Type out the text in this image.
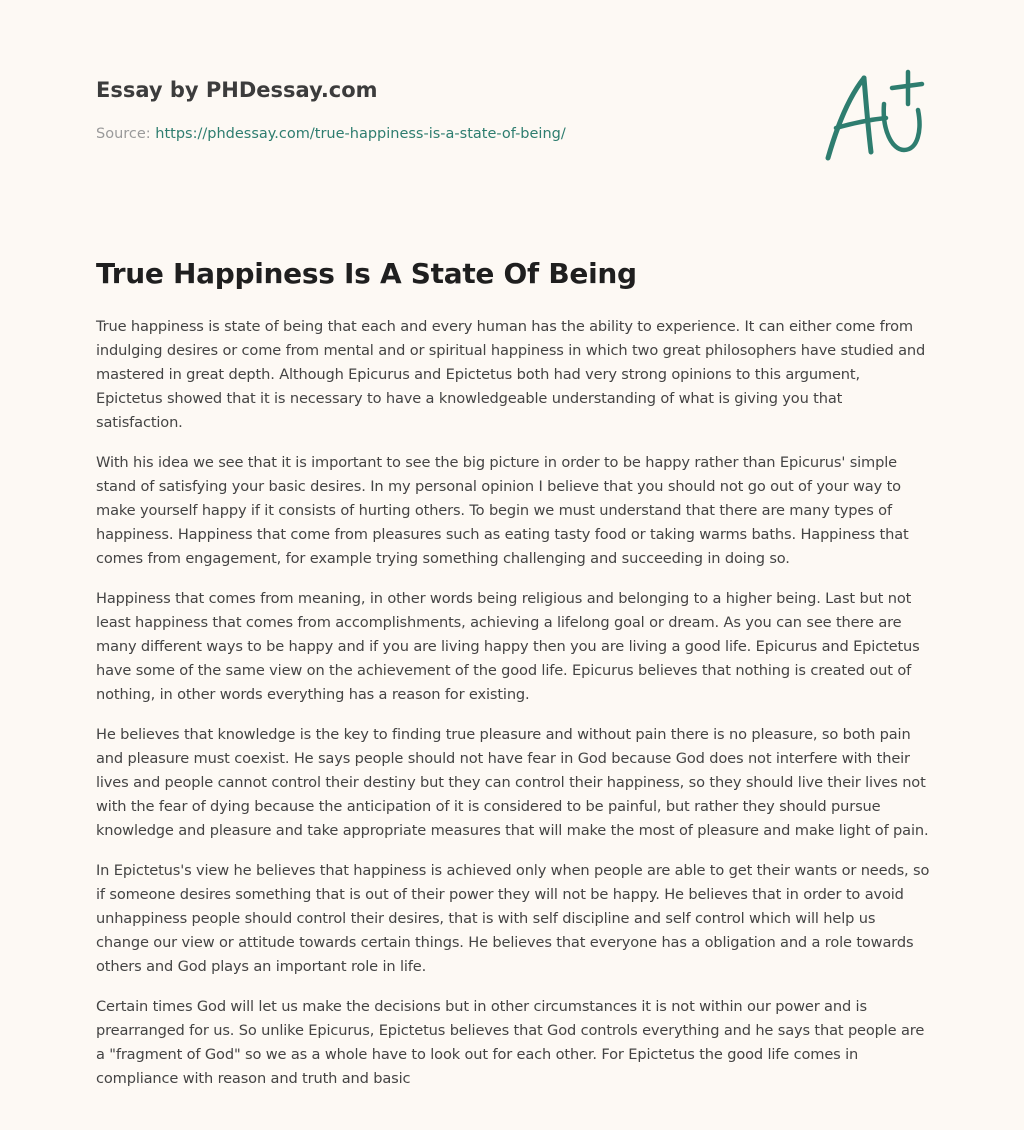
Essay by PHDessay.com
Source: https://phdessay.com/true-happiness-is-a-state-of-being/
True Happiness Is A State Of Being

True happiness is state of being that each and every human has the ability to experience. It can either come from indulging desires or come from mental and or spiritual happiness in which two great philosophers have studied and mastered in great depth. Although Epicurus and Epictetus both had very strong opinions to this argument, Epictetus showed that it is necessary to have a knowledgeable understanding of what is giving you that satisfaction.

With his idea we see that it is important to see the big picture in order to be happy rather than Epicurus' simple stand of satisfying your basic desires. In my personal opinion I believe that you should not go out of your way to make yourself happy if it consists of hurting others. To begin we must understand that there are many types of happiness. Happiness that come from pleasures such as eating tasty food or taking warms baths. Happiness that comes from engagement, for example trying something challenging and succeeding in doing so.

Happiness that comes from meaning, in other words being religious and belonging to a higher being. Last but not least happiness that comes from accomplishments, achieving a lifelong goal or dream. As you can see there are many different ways to be happy and if you are living happy then you are living a good life. Epicurus and Epictetus have some of the same view on the achievement of the good life. Epicurus believes that nothing is created out of nothing, in other words everything has a reason for existing.

He believes that knowledge is the key to finding true pleasure and without pain there is no pleasure, so both pain and pleasure must coexist. He says people should not have fear in God because God does not interfere with their lives and people cannot control their destiny but they can control their happiness, so they should live their lives not with the fear of dying because the anticipation of it is considered to be painful, but rather they should pursue knowledge and pleasure and take appropriate measures that will make the most of pleasure and make light of pain.

In Epictetus's view he believes that happiness is achieved only when people are able to get their wants or needs, so if someone desires something that is out of their power they will not be happy. He believes that in order to avoid unhappiness people should control their desires, that is with self discipline and self control which will help us change our view or attitude towards certain things. He believes that everyone has a obligation and a role towards others and God plays an important role in life.

Certain times God will let us make the decisions but in other circumstances it is not within our power and is prearranged for us. So unlike Epicurus, Epictetus believes that God controls everything and he says that people are a "fragment of God" so we as a whole have to look out for each other. For Epictetus the good life comes in compliance with reason and truth and basic
